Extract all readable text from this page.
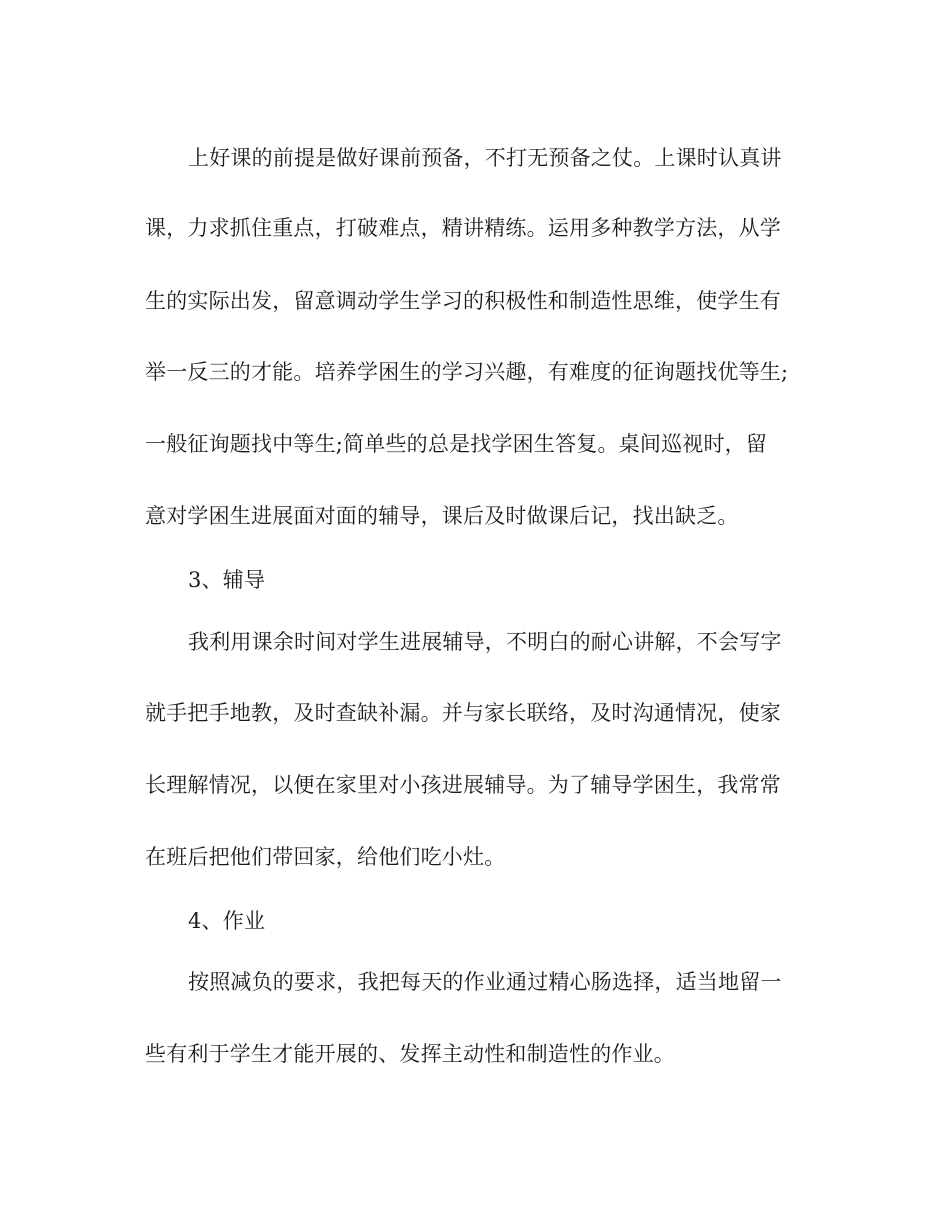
上好课的前提是做好课前预备，不打无预备之仗。上课时认真讲
课，力求抓住重点，打破难点，精讲精练。运用多种教学方法，从学
生的实际出发，留意调动学生学习的积极性和制造性思维，使学生有
举一反三的才能。培养学困生的学习兴趣，有难度的征询题找优等生;
一般征询题找中等生;简单些的总是找学困生答复。桌间巡视时，留
意对学困生进展面对面的辅导，课后及时做课后记，找出缺乏。
3、辅导
我利用课余时间对学生进展辅导，不明白的耐心讲解，不会写字
就手把手地教，及时查缺补漏。并与家长联络，及时沟通情况，使家
长理解情况，以便在家里对小孩进展辅导。为了辅导学困生，我常常
在班后把他们带回家，给他们吃小灶。
4、作业
按照减负的要求，我把每天的作业通过精心肠选择，适当地留一
些有利于学生才能开展的、发挥主动性和制造性的作业。
